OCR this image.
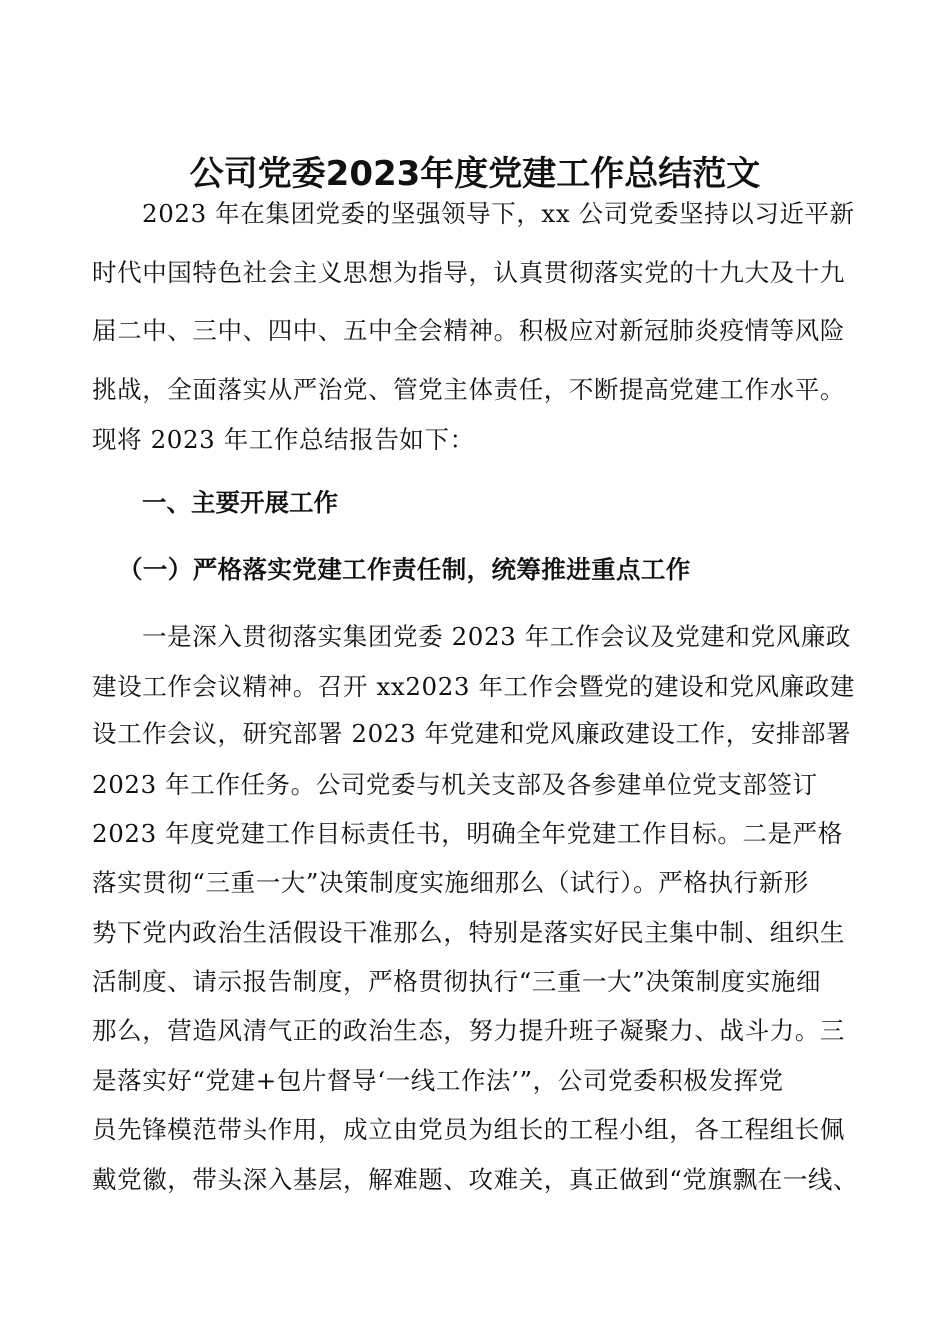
公司党委2023年度党建工作总结范文
2023 年在集团党委的坚强领导下，xx 公司党委坚持以习近平新
时代中国特色社会主义思想为指导，认真贯彻落实党的十九大及十九
届二中、三中、四中、五中全会精神。积极应对新冠肺炎疫情等风险
挑战，全面落实从严治党、管党主体责任，不断提高党建工作水平。
现将 2023 年工作总结报告如下：
一、主要开展工作
（一）严格落实党建工作责任制，统筹推进重点工作
一是深入贯彻落实集团党委 2023 年工作会议及党建和党风廉政
建设工作会议精神。召开 xx2023 年工作会暨党的建设和党风廉政建
设工作会议，研究部署 2023 年党建和党风廉政建设工作，安排部署
2023 年工作任务。公司党委与机关支部及各参建单位党支部签订
2023 年度党建工作目标责任书，明确全年党建工作目标。二是严格
落实贯彻“三重一大”决策制度实施细那么（试行）。严格执行新形
势下党内政治生活假设干准那么，特别是落实好民主集中制、组织生
活制度、请示报告制度，严格贯彻执行“三重一大”决策制度实施细
那么，营造风清气正的政治生态，努力提升班子凝聚力、战斗力。三
是落实好“党建+包片督导‘一线工作法’”，公司党委积极发挥党
员先锋模范带头作用，成立由党员为组长的工程小组，各工程组长佩
戴党徽，带头深入基层，解难题、攻难关，真正做到“党旗飘在一线、
